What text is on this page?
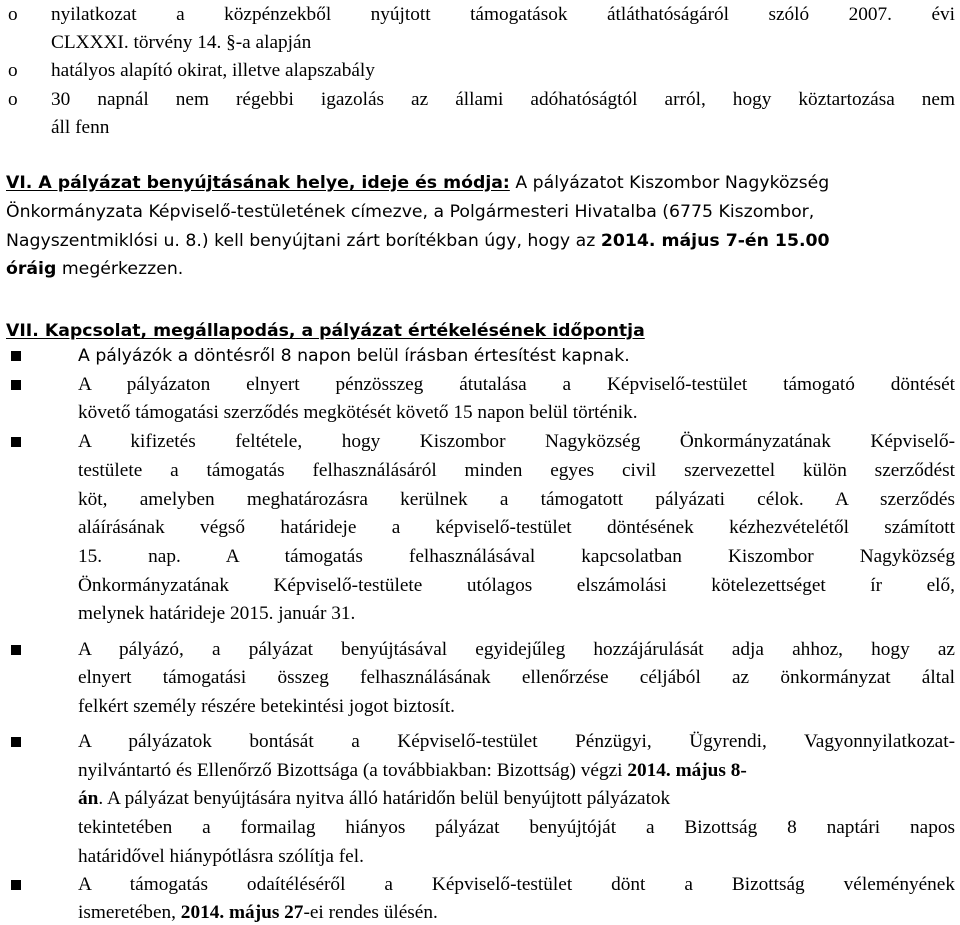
o nyilatkozat a közpénzekből nyújtott támogatások átláthatóságáról szóló 2007. évi
CLXXXI. törvény 14. §-a alapján
o hatályos alapító okirat, illetve alapszabály
o 30 napnál nem régebbi igazolás az állami adóhatóságtól arról, hogy köztartozása nem
áll fenn
VI. A pályázat benyújtásának helye, ideje és módja: A pályázatot Kiszombor Nagyközség
Önkormányzata Képviselő-testületének címezve, a Polgármesteri Hivatalba (6775 Kiszombor,
Nagyszentmiklósi u. 8.) kell benyújtani zárt borítékban úgy, hogy az 2014. május 7-én 15.00
óráig megérkezzen.
VII. Kapcsolat, megállapodás, a pályázat értékelésének időpontja
A pályázók a döntésről 8 napon belül írásban értesítést kapnak.
A pályázaton elnyert pénzösszeg átutalása a Képviselő-testület támogató döntését
követő támogatási szerződés megkötését követő 15 napon belül történik.
A kifizetés feltétele, hogy Kiszombor Nagyközség Önkormányzatának Képviselő-
testülete a támogatás felhasználásáról minden egyes civil szervezettel külön szerződést
köt, amelyben meghatározásra kerülnek a támogatott pályázati célok. A szerződés
aláírásának végső határideje a képviselő-testület döntésének kézhezvételétől számított
15. nap. A támogatás felhasználásával kapcsolatban Kiszombor Nagyközség
Önkormányzatának Képviselő-testülete utólagos elszámolási kötelezettséget ír elő,
melynek határideje 2015. január 31.
A pályázó, a pályázat benyújtásával egyidejűleg hozzájárulását adja ahhoz, hogy az
elnyert támogatási összeg felhasználásának ellenőrzése céljából az önkormányzat által
felkért személy részére betekintési jogot biztosít.
A pályázatok bontását a Képviselő-testület Pénzügyi, Ügyrendi, Vagyonnyilatkozat-
nyilvántartó és Ellenőrző Bizottsága (a továbbiakban: Bizottság) végzi 2014. május 8-
án. A pályázat benyújtására nyitva álló határidőn belül benyújtott pályázatok
tekintetében a formailag hiányos pályázat benyújtóját a Bizottság 8 naptári napos
határidővel hiánypótlásra szólítja fel.
A támogatás odaítéléséről a Képviselő-testület dönt a Bizottság véleményének
ismeretében, 2014. május 27-ei rendes ülésén.
